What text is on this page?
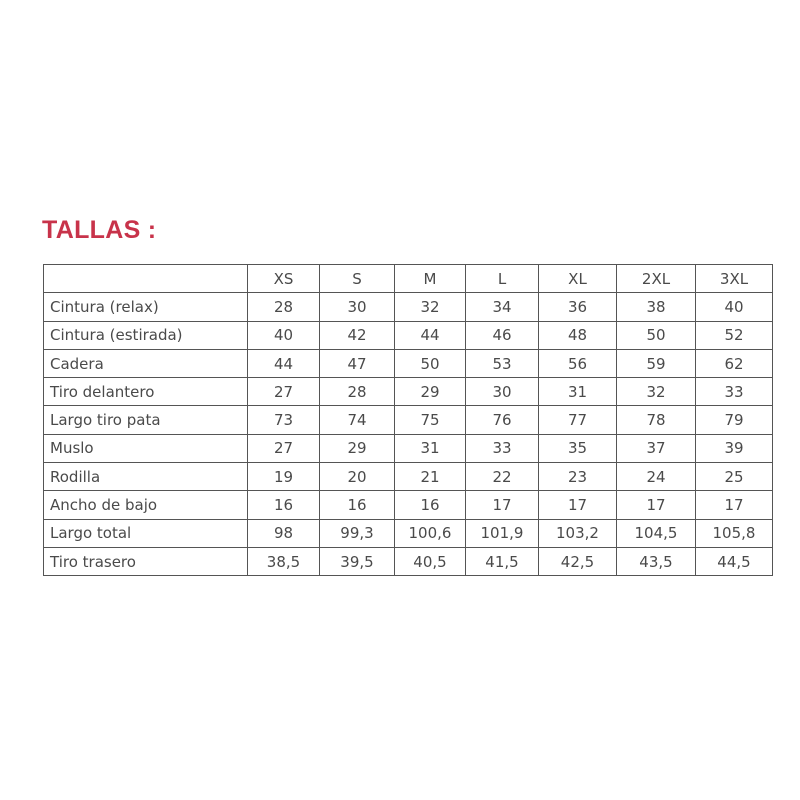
TALLAS :
	XS	S	M	L	XL	2XL	3XL
Cintura (relax)	28	30	32	34	36	38	40
Cintura (estirada)	40	42	44	46	48	50	52
Cadera	44	47	50	53	56	59	62
Tiro delantero	27	28	29	30	31	32	33
Largo tiro pata	73	74	75	76	77	78	79
Muslo	27	29	31	33	35	37	39
Rodilla	19	20	21	22	23	24	25
Ancho de bajo	16	16	16	17	17	17	17
Largo total	98	99,3	100,6	101,9	103,2	104,5	105,8
Tiro trasero	38,5	39,5	40,5	41,5	42,5	43,5	44,5
